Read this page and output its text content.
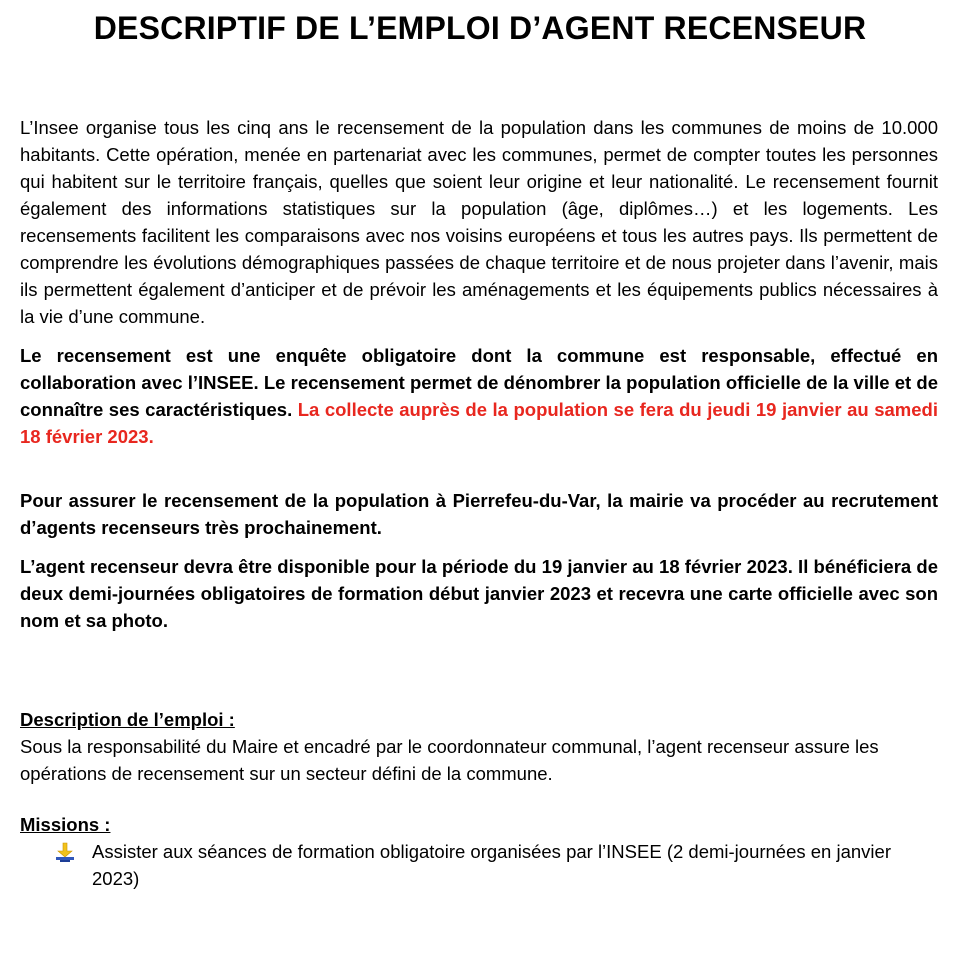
DESCRIPTIF DE L’EMPLOI D’AGENT RECENSEUR

L’Insee organise tous les cinq ans le recensement de la population dans les communes de moins de 10.000 habitants. Cette opération, menée en partenariat avec les communes, permet de compter toutes les personnes qui habitent sur le territoire français, quelles que soient leur origine et leur nationalité. Le recensement fournit également des informations statistiques sur la population (âge, diplômes…) et les logements. Les recensements facilitent les comparaisons avec nos voisins européens et tous les autres pays. Ils permettent de comprendre les évolutions démographiques passées de chaque territoire et de nous projeter dans l’avenir, mais ils permettent également d’anticiper et de prévoir les aménagements et les équipements publics nécessaires à la vie d’une commune.

Le recensement est une enquête obligatoire dont la commune est responsable, effectué en collaboration avec l’INSEE. Le recensement permet de dénombrer la population officielle de la ville et de connaître ses caractéristiques. La collecte auprès de la population se fera du jeudi 19 janvier au samedi 18 février 2023.

Pour assurer le recensement de la population à Pierrefeu-du-Var, la mairie va procéder au recrutement d’agents recenseurs très prochainement.

L’agent recenseur devra être disponible pour la période du 19 janvier au 18 février 2023. Il bénéficiera de deux demi-journées obligatoires de formation début janvier 2023 et recevra une carte officielle avec son nom et sa photo.

Description de l’emploi :

Sous la responsabilité du Maire et encadré par le coordonnateur communal, l’agent recenseur assure les opérations de recensement sur un secteur défini de la commune.

Missions :

Assister aux séances de formation obligatoire organisées par l’INSEE (2 demi-journées en janvier 2023)
